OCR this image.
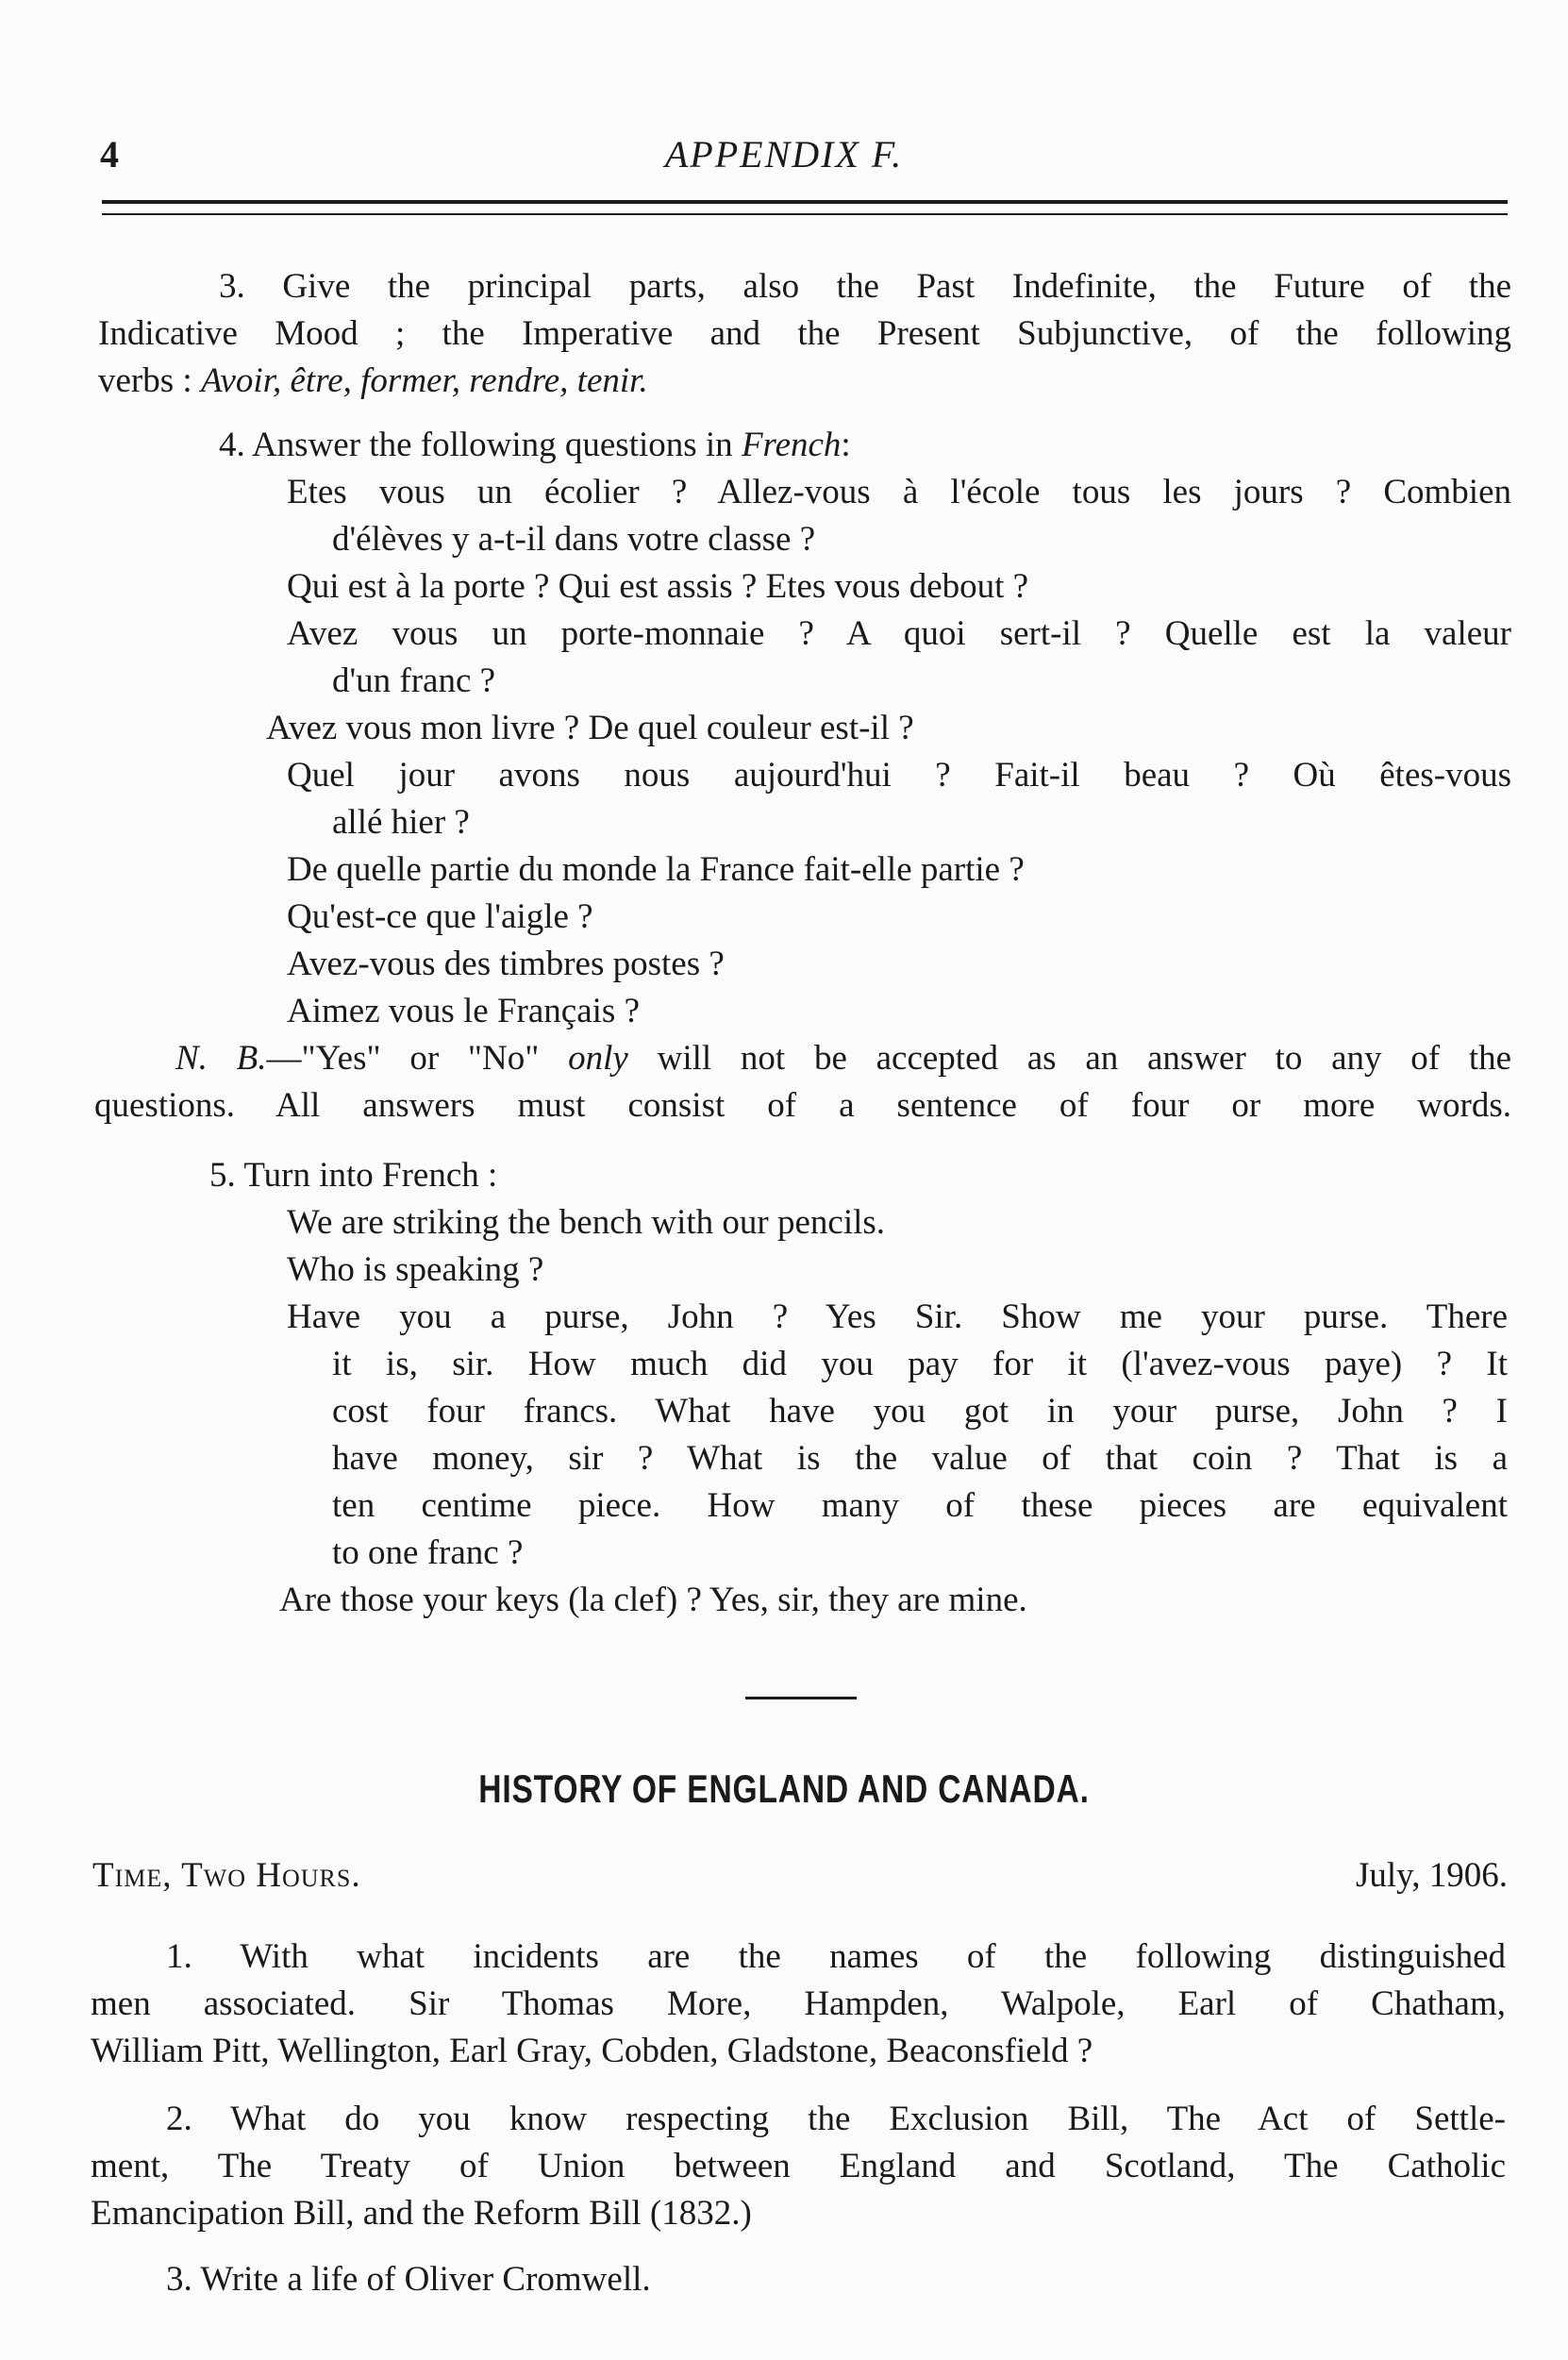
4	APPENDIX F.
3. Give the principal parts, also the Past Indefinite, the Future of the
Indicative Mood ; the Imperative and the Present Subjunctive, of the following
verbs : Avoir, être, former, rendre, tenir.
4. Answer the following questions in French:
Etes vous un écolier ? Allez-vous à l'école tous les jours ? Combien
d'élèves y a-t-il dans votre classe ?
Qui est à la porte ? Qui est assis ? Etes vous debout ?
Avez vous un porte-monnaie ? A quoi sert-il ? Quelle est la valeur
d'un franc ?
Avez vous mon livre ? De quel couleur est-il ?
Quel jour avons nous aujourd'hui ? Fait-il beau ? Où êtes-vous
allé hier ?
De quelle partie du monde la France fait-elle partie ?
Qu'est-ce que l'aigle ?
Avez-vous des timbres postes ?
Aimez vous le Français ?
N. B.—"Yes" or "No" only will not be accepted as an answer to any of the
questions. All answers must consist of a sentence of four or more words.
5. Turn into French :
We are striking the bench with our pencils.
Who is speaking ?
Have you a purse, John ? Yes Sir. Show me your purse. There
it is, sir. How much did you pay for it (l'avez-vous paye) ? It
cost four francs. What have you got in your purse, John ? I
have money, sir ? What is the value of that coin ? That is a
ten centime piece. How many of these pieces are equivalent
to one franc ?
Are those your keys (la clef) ? Yes, sir, they are mine.
HISTORY OF ENGLAND AND CANADA.
Time, Two Hours.	July, 1906.
1. With what incidents are the names of the following distinguished
men associated. Sir Thomas More, Hampden, Walpole, Earl of Chatham,
William Pitt, Wellington, Earl Gray, Cobden, Gladstone, Beaconsfield ?
2. What do you know respecting the Exclusion Bill, The Act of Settle-
ment, The Treaty of Union between England and Scotland, The Catholic
Emancipation Bill, and the Reform Bill (1832.)
3. Write a life of Oliver Cromwell.
